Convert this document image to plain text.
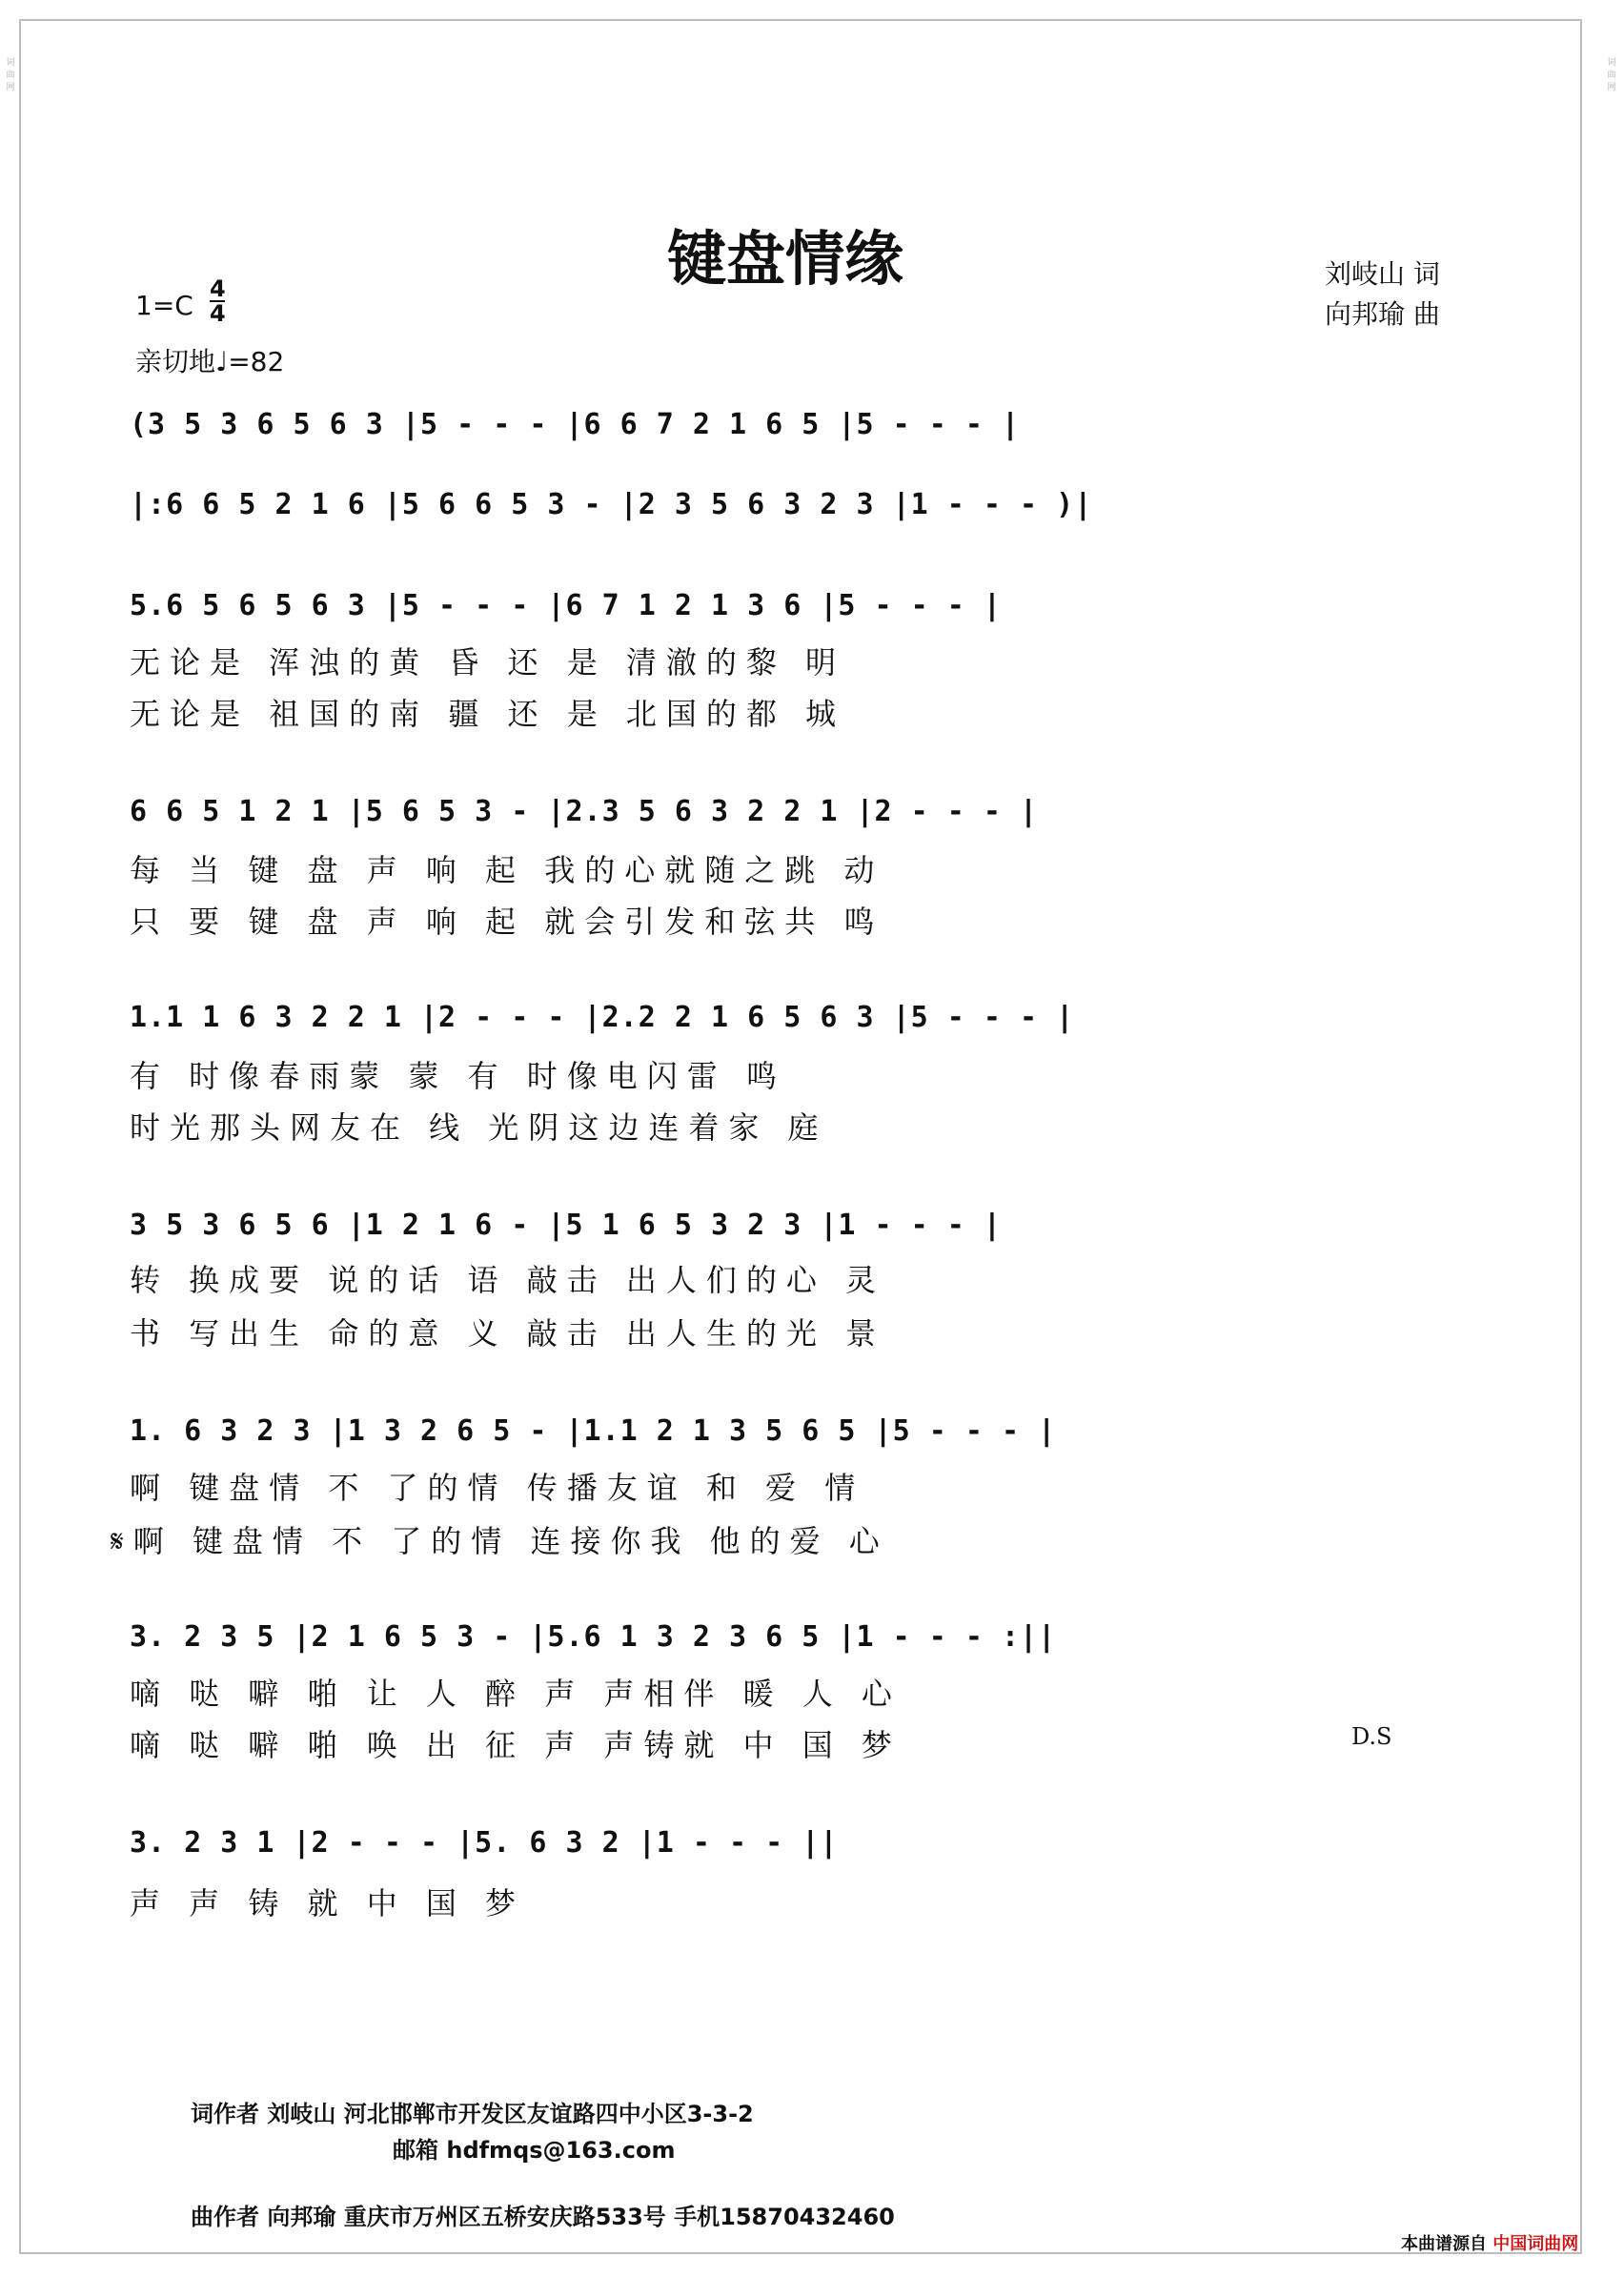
词曲网
词曲网
键盘情缘	刘岐山 词
向邦瑜 曲
1=C
4
4
亲切地♩=82
(3 5 3 6 5 6 3 |5 - - - |6 6 7 2 1 6 5 |5 - - - |
|:6 6 5 2 1 6 |5 6 6 5 3 - |2 3 5 6 3 2 3 |1 - - - )|
5.6 5 6 5 6 3 |5 - - - |6 7 1 2 1 3 6 |5 - - - |
无论是 浑浊的黄 昏 还 是 清澈的黎 明
无论是 祖国的南 疆 还 是 北国的都 城
6 6 5 1 2 1 |5 6 5 3 - |2.3 5 6 3 2 2 1 |2 - - - |
每 当 键 盘 声 响 起 我的心就随之跳 动
只 要 键 盘 声 响 起 就会引发和弦共 鸣
1.1 1 6 3 2 2 1 |2 - - - |2.2 2 1 6 5 6 3 |5 - - - |
有 时像春雨蒙 蒙 有 时像电闪雷 鸣
时光那头网友在 线 光阴这边连着家 庭
3 5 3 6 5 6 |1 2 1 6 - |5 1 6 5 3 2 3 |1 - - - |
转 换成要 说的话 语 敲击 出人们的心 灵
书 写出生 命的意 义 敲击 出人生的光 景
1. 6 3 2 3 |1 3 2 6 5 - |1.1 2 1 3 5 6 5 |5 - - - |
啊 键盘情 不 了的情 传播友谊 和 爱 情
𝄋啊 键盘情 不 了的情 连接你我 他的爱 心
3. 2 3 5 |2 1 6 5 3 - |5.6 1 3 2 3 6 5 |1 - - - :||
嘀 哒 噼 啪 让 人 醉 声 声相伴 暖 人 心
嘀 哒 噼 啪 唤 出 征 声 声铸就 中 国 梦	D.S
3. 2 3 1 |2 - - - |5. 6 3 2 |1 - - - ||
声 声 铸 就 中 国 梦
词作者 刘岐山 河北邯郸市开发区友谊路四中小区3-3-2
邮箱 hdfmqs@163.com
曲作者 向邦瑜 重庆市万州区五桥安庆路533号 手机15870432460
本曲谱源自 中国词曲网
